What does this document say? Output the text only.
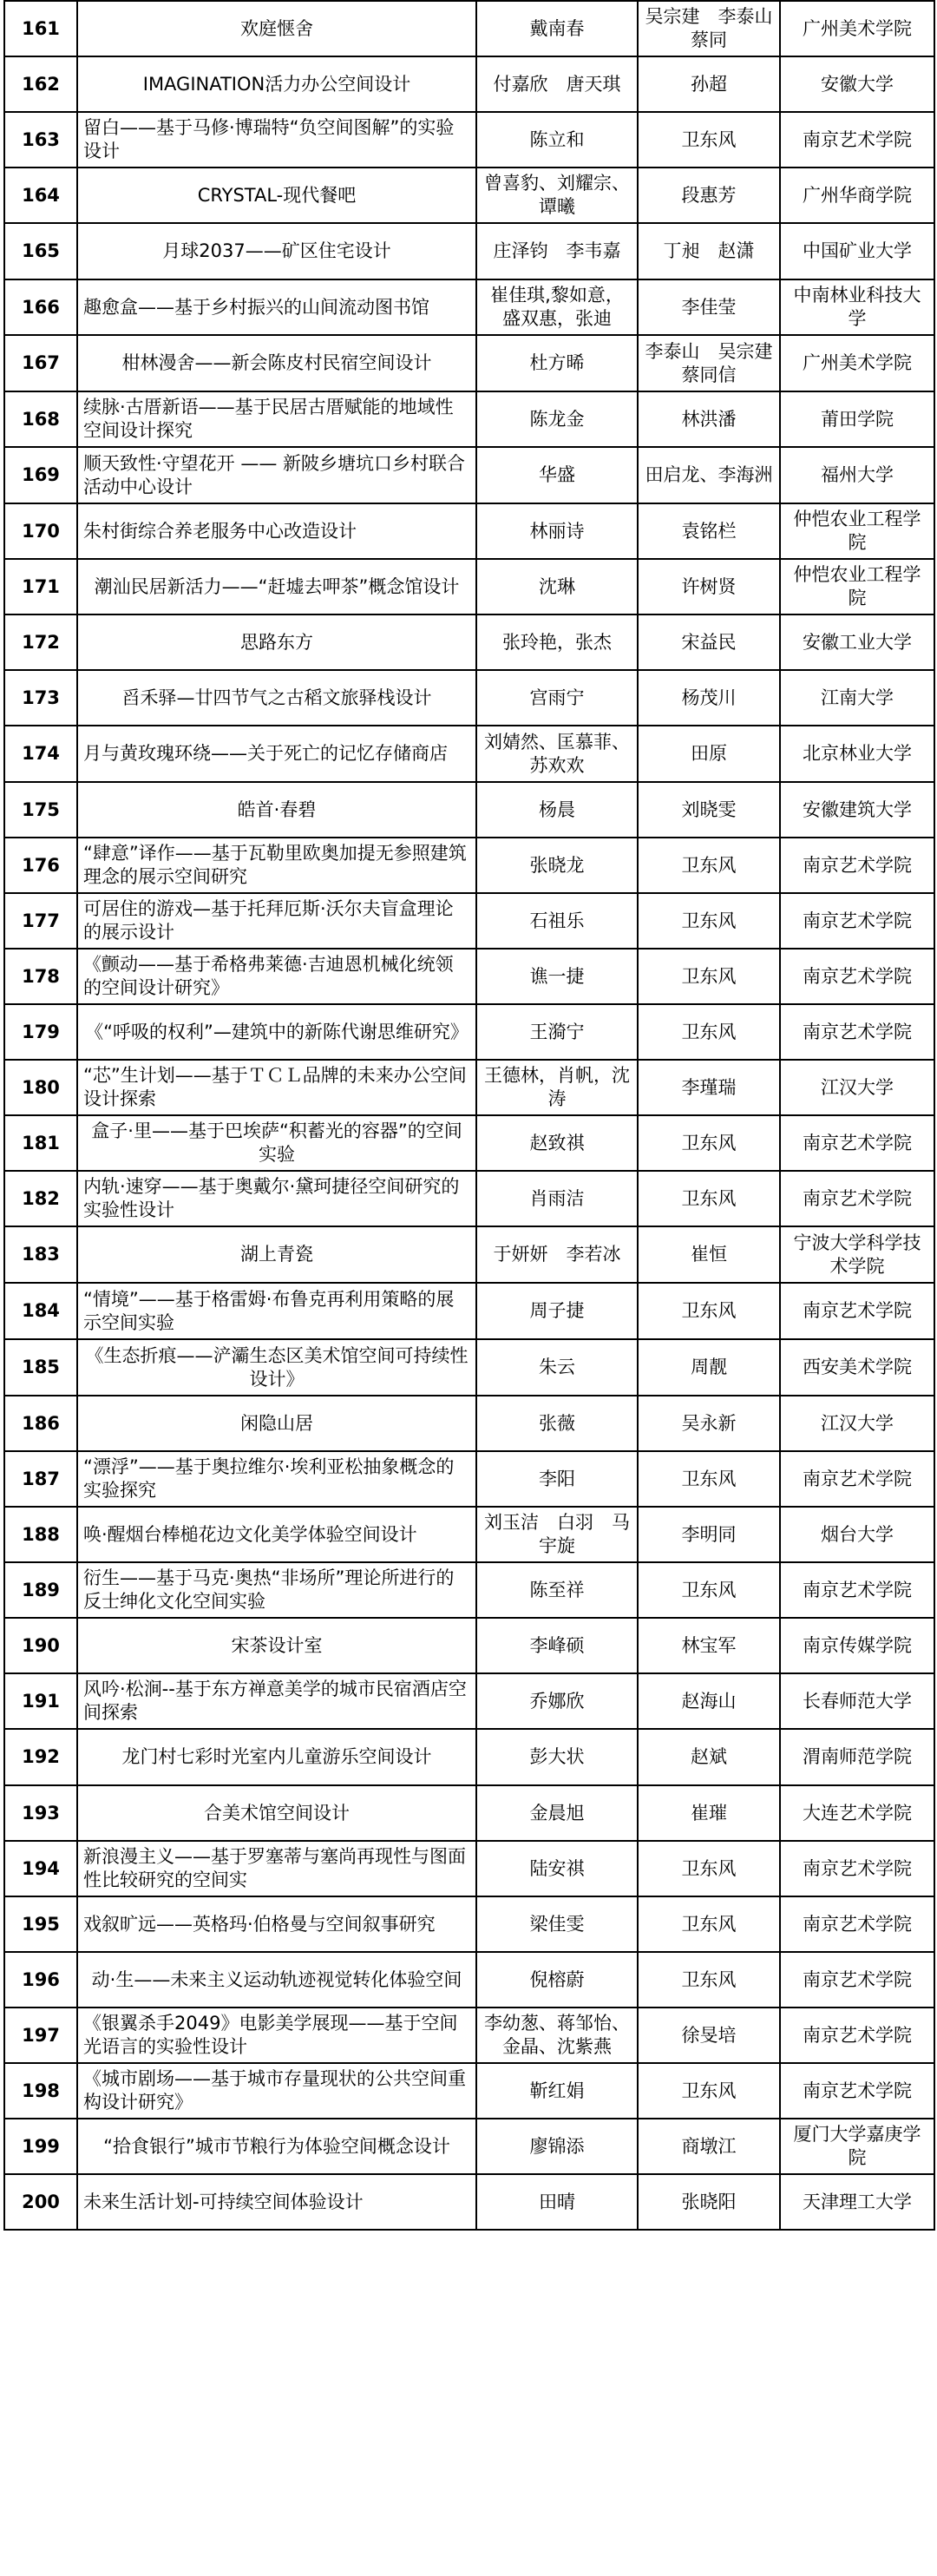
161	欢庭惬舍	戴南春	吴宗建　李泰山　蔡同	广州美术学院
162	IMAGINATION活力办公空间设计	付嘉欣　唐天琪	孙超	安徽大学
163	留白——基于马修·博瑞特“负空间图解”的实验设计	陈立和	卫东风	南京艺术学院
164	CRYSTAL-现代餐吧	曾喜豹、刘耀宗、谭曦	段惠芳	广州华商学院
165	月球2037——矿区住宅设计	庄泽钧　李韦嘉	丁昶　赵潇	中国矿业大学
166	趣愈盒——基于乡村振兴的山间流动图书馆	崔佳琪,黎如意，盛双惠，张迪	李佳莹	中南林业科技大学
167	柑林漫舍——新会陈皮村民宿空间设计	杜方晞	李泰山　吴宗建　蔡同信	广州美术学院
168	续脉·古厝新语——基于民居古厝赋能的地域性空间设计探究	陈龙金	林洪潘	莆田学院
169	顺天致性·守望花开 —— 新陂乡塘坑口乡村联合活动中心设计	华盛	田启龙、李海洲	福州大学
170	朱村街综合养老服务中心改造设计	林丽诗	袁铭栏	仲恺农业工程学院
171	潮汕民居新活力——“赶墟去呷茶”概念馆设计	沈琳	许树贤	仲恺农业工程学院
172	思路东方	张玲艳，张杰	宋益民	安徽工业大学
173	舀禾驿—廿四节气之古稻文旅驿栈设计	宫雨宁	杨茂川	江南大学
174	月与黄玫瑰环绕——关于死亡的记忆存储商店	刘婧然、匡慕菲、苏欢欢	田原	北京林业大学
175	皓首·春碧	杨晨	刘晓雯	安徽建筑大学
176	“肆意”译作——基于瓦勒里欧奥加提无参照建筑理念的展示空间研究	张晓龙	卫东风	南京艺术学院
177	可居住的游戏—基于托拜厄斯·沃尔夫盲盒理论的展示设计	石祖乐	卫东风	南京艺术学院
178	《颤动——基于希格弗莱德·吉迪恩机械化统领的空间设计研究》	谯一捷	卫东风	南京艺术学院
179	《“呼吸的权利”—建筑中的新陈代谢思维研究》	王漪宁	卫东风	南京艺术学院
180	“芯”生计划——基于ＴＣＬ品牌的未来办公空间设计探索	王德林，肖帆，沈涛	李瑾瑞	江汉大学
181	盒子·里——基于巴埃萨“积蓄光的容器”的空间实验	赵致祺	卫东风	南京艺术学院
182	内轨·速穿——基于奥戴尔·黛珂捷径空间研究的实验性设计	肖雨洁	卫东风	南京艺术学院
183	湖上青瓷	于妍妍　李若冰	崔恒	宁波大学科学技术学院
184	“情境”——基于格雷姆·布鲁克再利用策略的展示空间实验	周子捷	卫东风	南京艺术学院
185	《生态折痕——浐灞生态区美术馆空间可持续性设计》	朱云	周靓	西安美术学院
186	闲隐山居	张薇	吴永新	江汉大学
187	“漂浮”——基于奥拉维尔·埃利亚松抽象概念的实验探究	李阳	卫东风	南京艺术学院
188	唤·醒烟台棒槌花边文化美学体验空间设计	刘玉洁　白羽　马宇旋	李明同	烟台大学
189	衍生——基于马克·奥热“非场所”理论所进行的反士绅化文化空间实验	陈至祥	卫东风	南京艺术学院
190	宋茶设计室	李峰硕	林宝军	南京传媒学院
191	风吟·松涧--基于东方禅意美学的城市民宿酒店空间探索	乔娜欣	赵海山	长春师范大学
192	龙门村七彩时光室内儿童游乐空间设计	彭大状	赵斌	渭南师范学院
193	合美术馆空间设计	金晨旭	崔璀	大连艺术学院
194	新浪漫主义——基于罗塞蒂与塞尚再现性与图面性比较研究的空间实	陆安祺	卫东风	南京艺术学院
195	戏叙旷远——英格玛·伯格曼与空间叙事研究	梁佳雯	卫东风	南京艺术学院
196	动·生——未来主义运动轨迹视觉转化体验空间	倪榕蔚	卫东风	南京艺术学院
197	《银翼杀手2049》电影美学展现——基于空间光语言的实验性设计	李幼葱、蒋邹怡、金晶、沈紫燕	徐旻培	南京艺术学院
198	《城市剧场——基于城市存量现状的公共空间重构设计研究》	靳红娟	卫东风	南京艺术学院
199	“拾食银行”城市节粮行为体验空间概念设计	廖锦添	商墩江	厦门大学嘉庚学院
200	未来生活计划-可持续空间体验设计	田晴	张晓阳	天津理工大学
